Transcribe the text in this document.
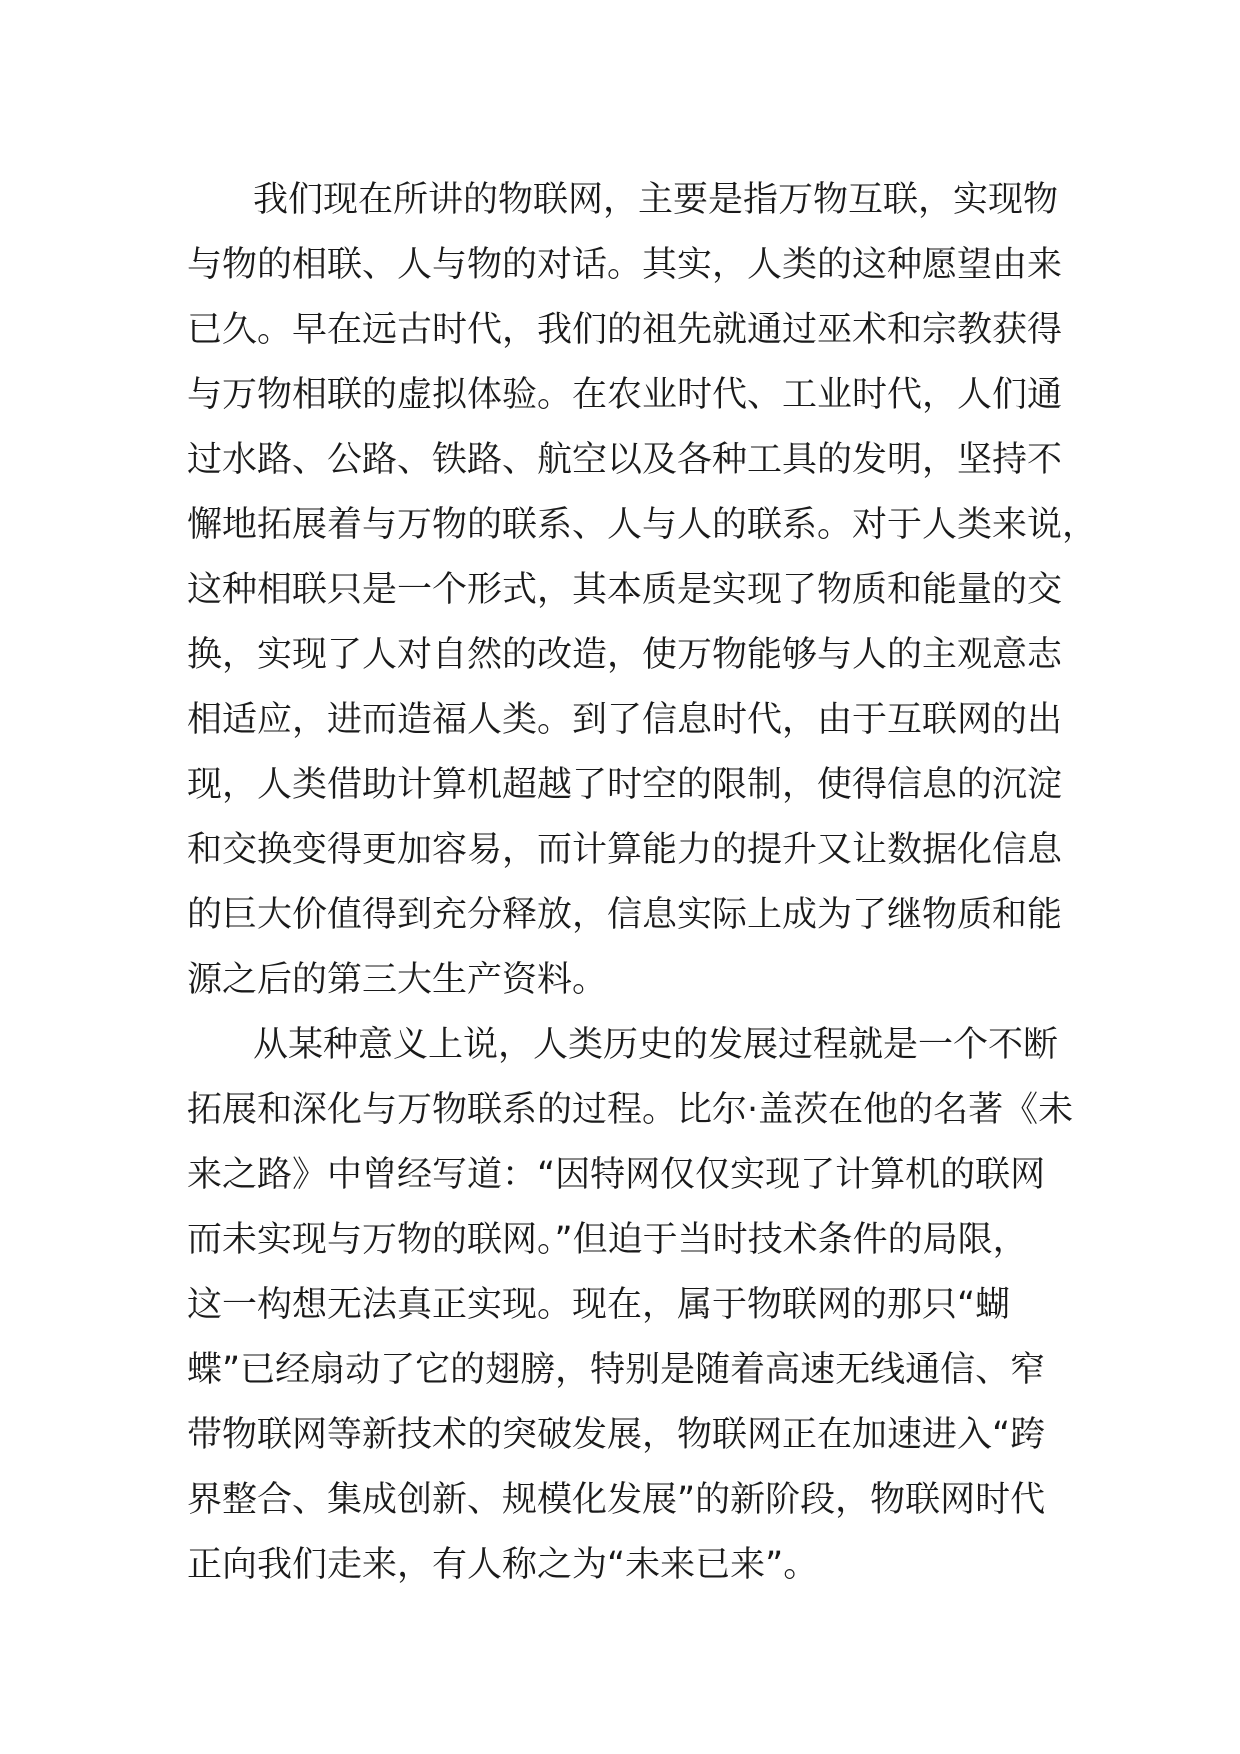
我们现在所讲的物联网，主要是指万物互联，实现物
与物的相联、人与物的对话。其实，人类的这种愿望由来
已久。早在远古时代，我们的祖先就通过巫术和宗教获得
与万物相联的虚拟体验。在农业时代、工业时代，人们通
过水路、公路、铁路、航空以及各种工具的发明，坚持不
懈地拓展着与万物的联系、人与人的联系。对于人类来说，
这种相联只是一个形式，其本质是实现了物质和能量的交
换，实现了人对自然的改造，使万物能够与人的主观意志
相适应，进而造福人类。到了信息时代，由于互联网的出
现，人类借助计算机超越了时空的限制，使得信息的沉淀
和交换变得更加容易，而计算能力的提升又让数据化信息
的巨大价值得到充分释放，信息实际上成为了继物质和能
源之后的第三大生产资料。
从某种意义上说，人类历史的发展过程就是一个不断
拓展和深化与万物联系的过程。比尔·盖茨在他的名著《未
来之路》中曾经写道：“因特网仅仅实现了计算机的联网
而未实现与万物的联网。”但迫于当时技术条件的局限，
这一构想无法真正实现。现在，属于物联网的那只“蝴
蝶”已经扇动了它的翅膀，特别是随着高速无线通信、窄
带物联网等新技术的突破发展，物联网正在加速进入“跨
界整合、集成创新、规模化发展”的新阶段，物联网时代
正向我们走来，有人称之为“未来已来”。
